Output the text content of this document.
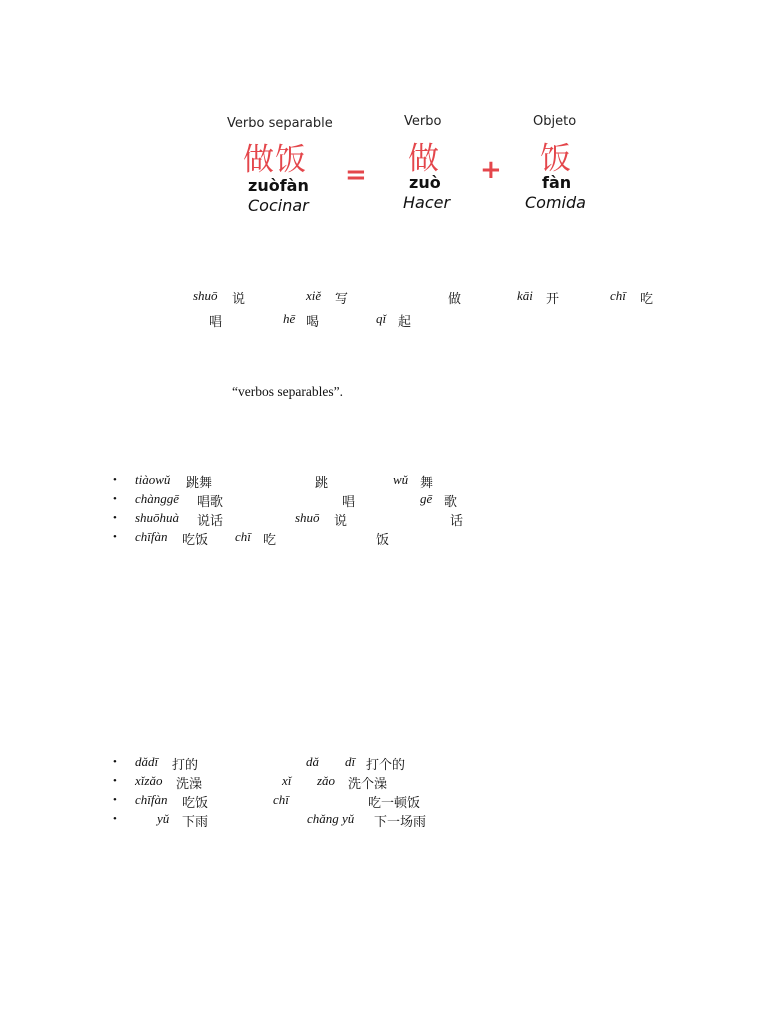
Verbo separable
做饭
zuòfàn
Cocinar
=
Verbo
做
zuò
Hacer
+
Objeto
饭
fàn
Comida
shuō 说	xiě 写	做	kāi 开	chī 吃
唱	hē 喝	qǐ 起
“verbos separables”.
• tiàowǔ 跳舞	跳	wǔ 舞
• chànggē 唱歌	唱	gē 歌
• shuōhuà 说话	shuō 说	话
• chīfàn 吃饭 chī 吃	饭
• dǎdī 打的	dǎ dī 打个的
• xǐzǎo 洗澡	xǐ zǎo 洗个澡
• chīfàn 吃饭	chī	吃一顿饭
•	yǔ 下雨	chǎng yǔ 下一场雨
